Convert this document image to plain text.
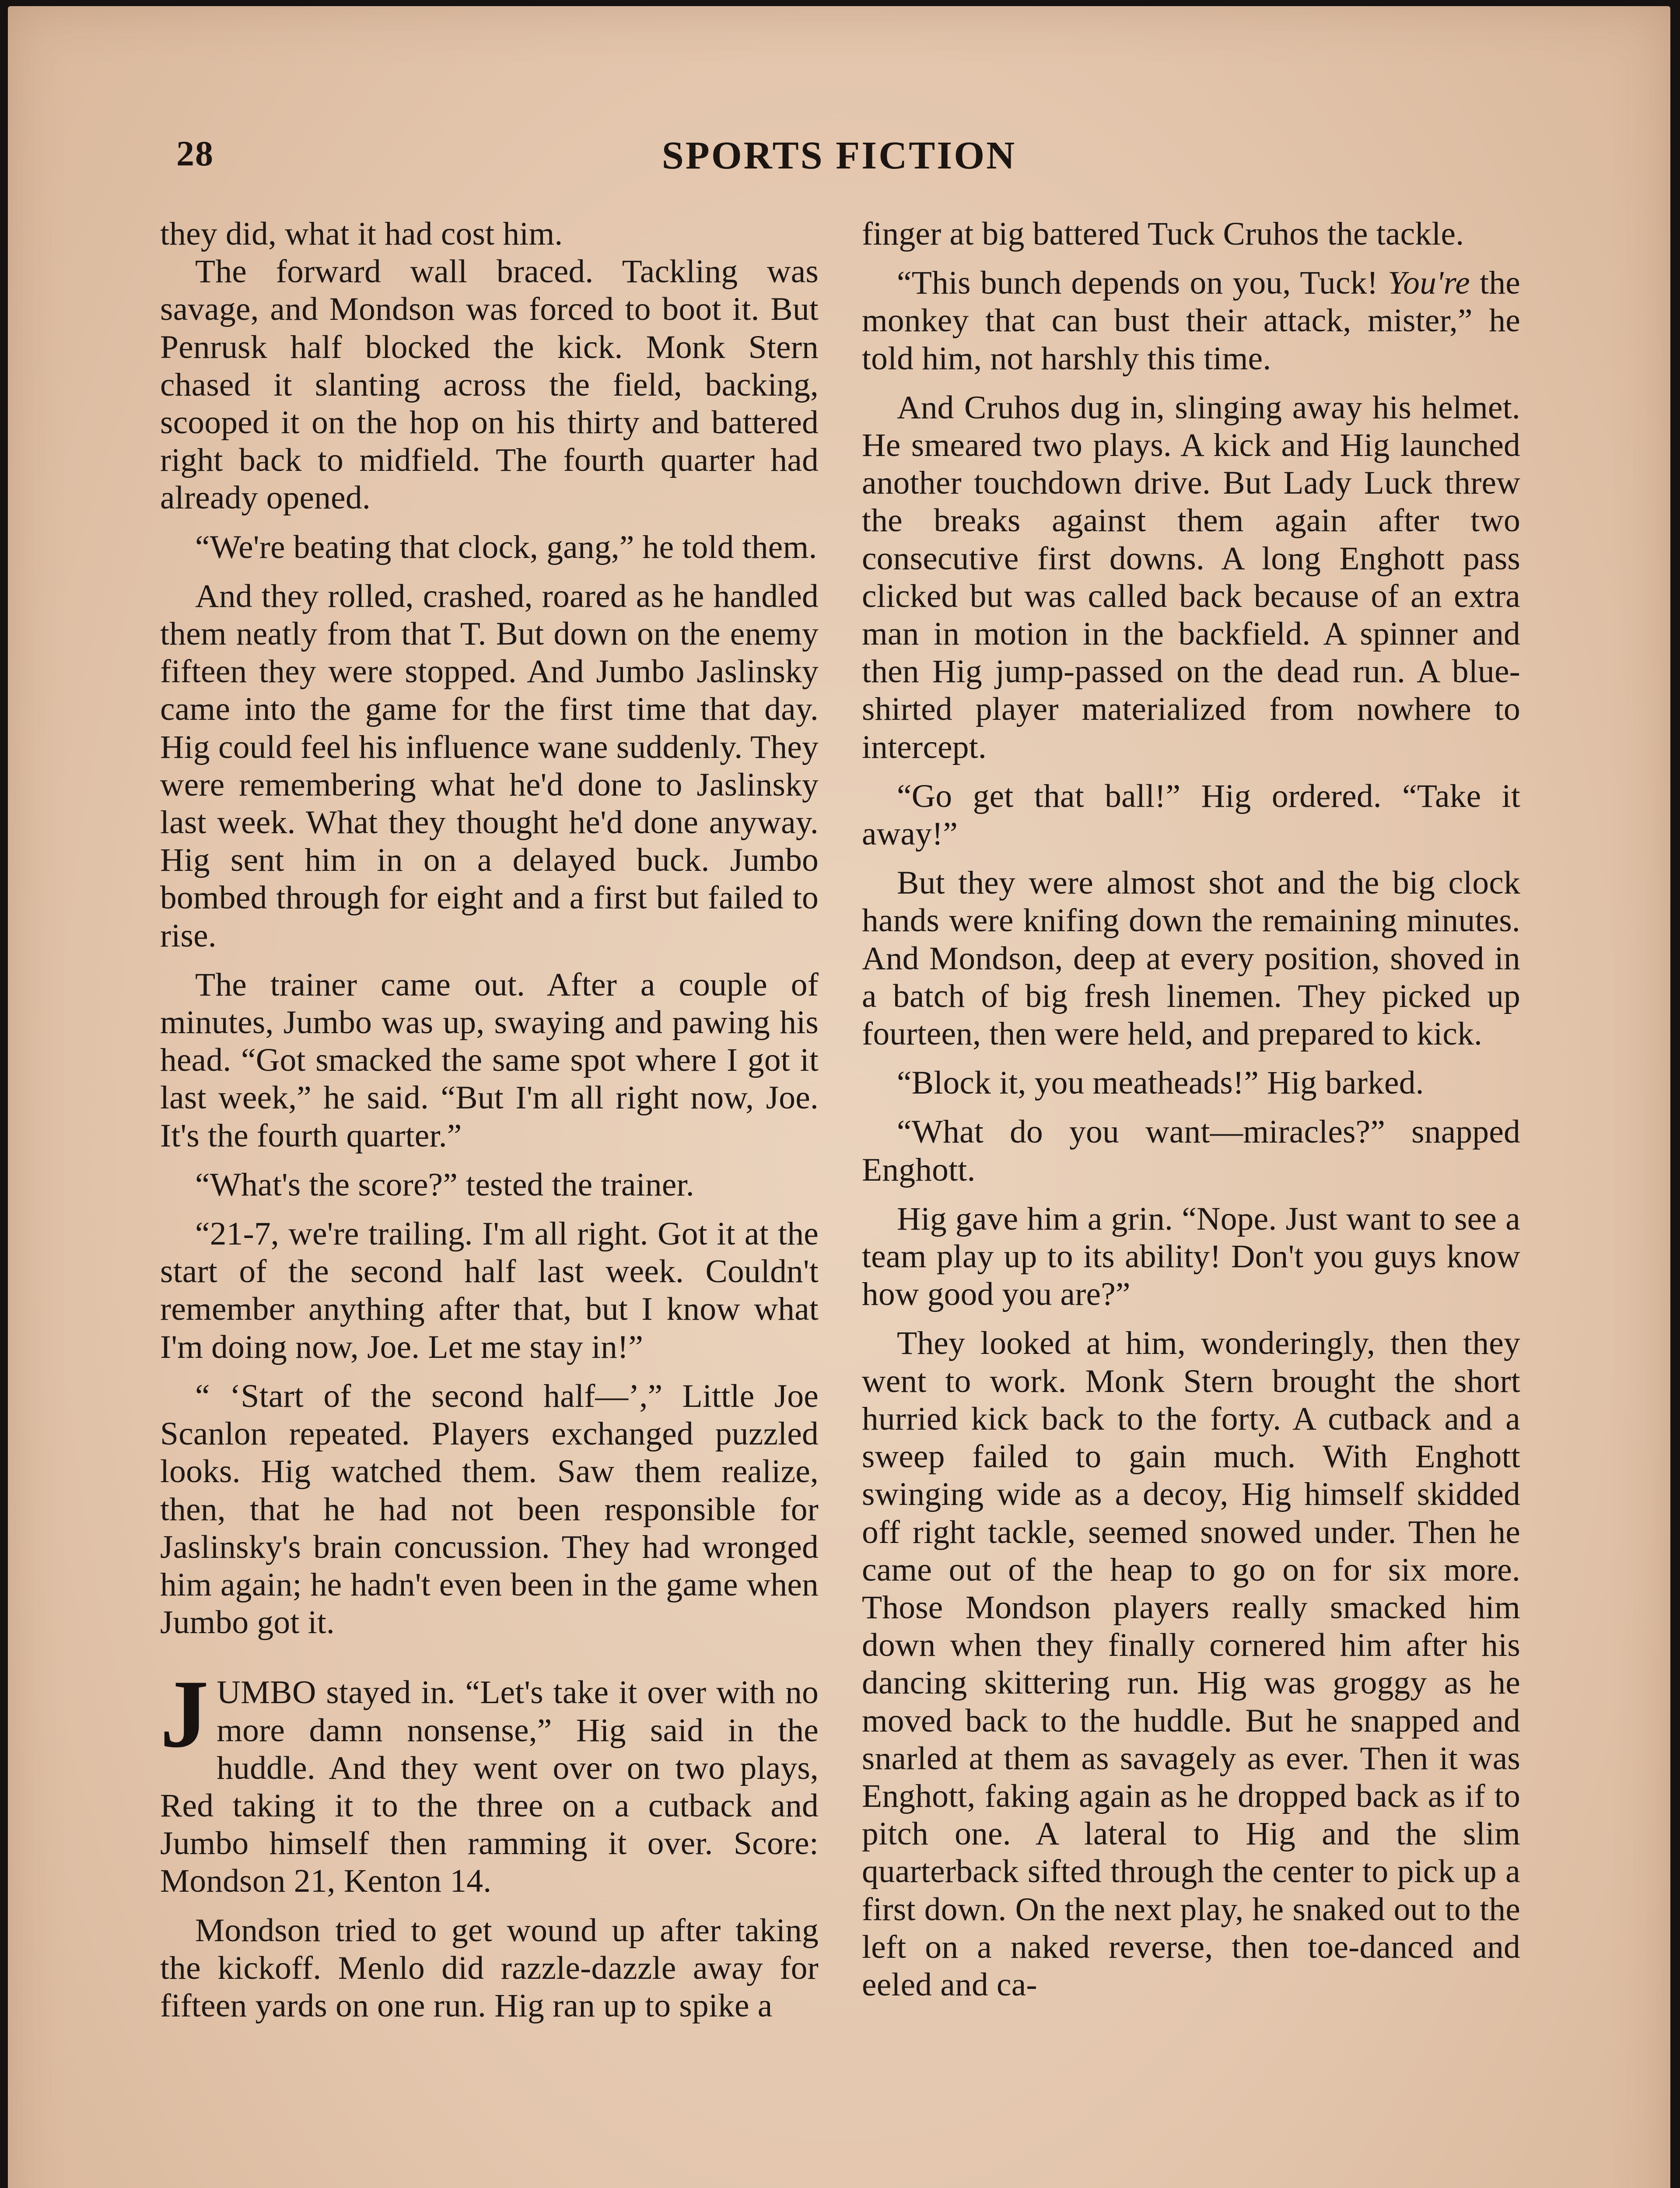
28	SPORTS FICTION

they did, what it had cost him.

The forward wall braced. Tackling was savage, and Mondson was forced to boot it. But Penrusk half blocked the kick. Monk Stern chased it slanting across the field, backing, scooped it on the hop on his thirty and battered right back to midfield. The fourth quarter had already opened.

“We're beating that clock, gang,” he told them.

And they rolled, crashed, roared as he handled them neatly from that T. But down on the enemy fifteen they were stopped. And Jumbo Jaslinsky came into the game for the first time that day. Hig could feel his influence wane suddenly. They were remembering what he'd done to Jaslinsky last week. What they thought he'd done anyway. Hig sent him in on a delayed buck. Jumbo bombed through for eight and a first but failed to rise.

The trainer came out. After a couple of minutes, Jumbo was up, swaying and pawing his head. “Got smacked the same spot where I got it last week,” he said. “But I'm all right now, Joe. It's the fourth quarter.”

“What's the score?” tested the trainer.

“21-7, we're trailing. I'm all right. Got it at the start of the second half last week. Couldn't remember anything after that, but I know what I'm doing now, Joe. Let me stay in!”

“ ‘Start of the second half—’,” Little Joe Scanlon repeated. Players exchanged puzzled looks. Hig watched them. Saw them realize, then, that he had not been responsible for Jaslinsky's brain concussion. They had wronged him again; he hadn't even been in the game when Jumbo got it.

JUMBO stayed in. “Let's take it over with no more damn nonsense,” Hig said in the huddle. And they went over on two plays, Red taking it to the three on a cutback and Jumbo himself then ramming it over. Score: Mondson 21, Kenton 14.

Mondson tried to get wound up after taking the kickoff. Menlo did razzle-dazzle away for fifteen yards on one run. Hig ran up to spike a

finger at big battered Tuck Cruhos the tackle.

“This bunch depends on you, Tuck! You're the monkey that can bust their attack, mister,” he told him, not harshly this time.

And Cruhos dug in, slinging away his helmet. He smeared two plays. A kick and Hig launched another touchdown drive. But Lady Luck threw the breaks against them again after two consecutive first downs. A long Enghott pass clicked but was called back because of an extra man in motion in the backfield. A spinner and then Hig jump-passed on the dead run. A blue-shirted player materialized from nowhere to intercept.

“Go get that ball!” Hig ordered. “Take it away!”

But they were almost shot and the big clock hands were knifing down the remaining minutes. And Mondson, deep at every position, shoved in a batch of big fresh linemen. They picked up fourteen, then were held, and prepared to kick.

“Block it, you meatheads!” Hig barked.

“What do you want—miracles?” snapped Enghott.

Hig gave him a grin. “Nope. Just want to see a team play up to its ability! Don't you guys know how good you are?”

They looked at him, wonderingly, then they went to work. Monk Stern brought the short hurried kick back to the forty. A cutback and a sweep failed to gain much. With Enghott swinging wide as a decoy, Hig himself skidded off right tackle, seemed snowed under. Then he came out of the heap to go on for six more. Those Mondson players really smacked him down when they finally cornered him after his dancing skittering run. Hig was groggy as he moved back to the huddle. But he snapped and snarled at them as savagely as ever. Then it was Enghott, faking again as he dropped back as if to pitch one. A lateral to Hig and the slim quarterback sifted through the center to pick up a first down. On the next play, he snaked out to the left on a naked reverse, then toe-danced and eeled and ca-
